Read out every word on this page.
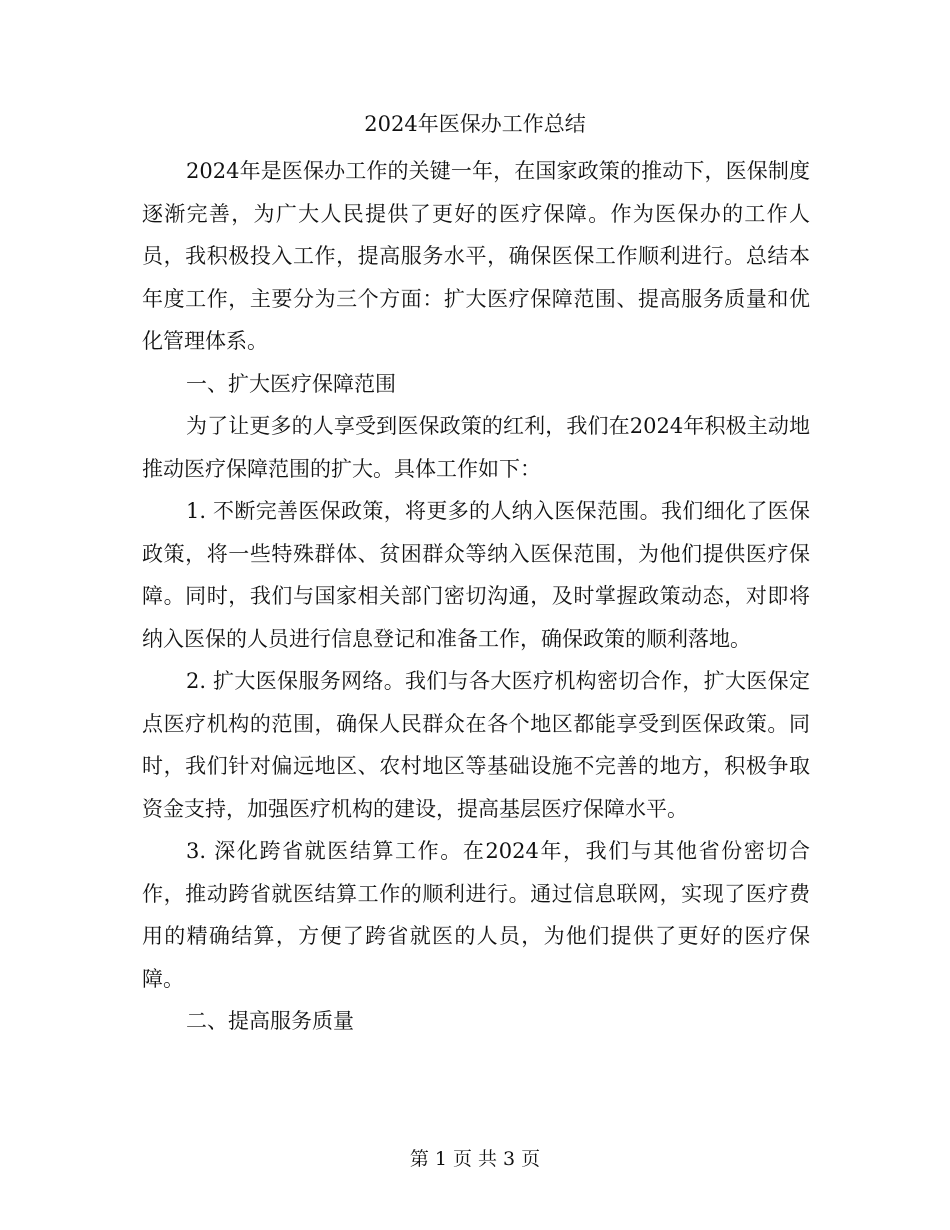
2024年医保办工作总结

2024年是医保办工作的关键一年，在国家政策的推动下，医保制度逐渐完善，为广大人民提供了更好的医疗保障。作为医保办的工作人员，我积极投入工作，提高服务水平，确保医保工作顺利进行。总结本年度工作，主要分为三个方面：扩大医疗保障范围、提高服务质量和优化管理体系。

一、扩大医疗保障范围

为了让更多的人享受到医保政策的红利，我们在2024年积极主动地推动医疗保障范围的扩大。具体工作如下：

1. 不断完善医保政策，将更多的人纳入医保范围。我们细化了医保政策，将一些特殊群体、贫困群众等纳入医保范围，为他们提供医疗保障。同时，我们与国家相关部门密切沟通，及时掌握政策动态，对即将纳入医保的人员进行信息登记和准备工作，确保政策的顺利落地。

2. 扩大医保服务网络。我们与各大医疗机构密切合作，扩大医保定点医疗机构的范围，确保人民群众在各个地区都能享受到医保政策。同时，我们针对偏远地区、农村地区等基础设施不完善的地方，积极争取资金支持，加强医疗机构的建设，提高基层医疗保障水平。

3. 深化跨省就医结算工作。在2024年，我们与其他省份密切合作，推动跨省就医结算工作的顺利进行。通过信息联网，实现了医疗费用的精确结算，方便了跨省就医的人员，为他们提供了更好的医疗保障。

二、提高服务质量

第 1 页 共 3 页
